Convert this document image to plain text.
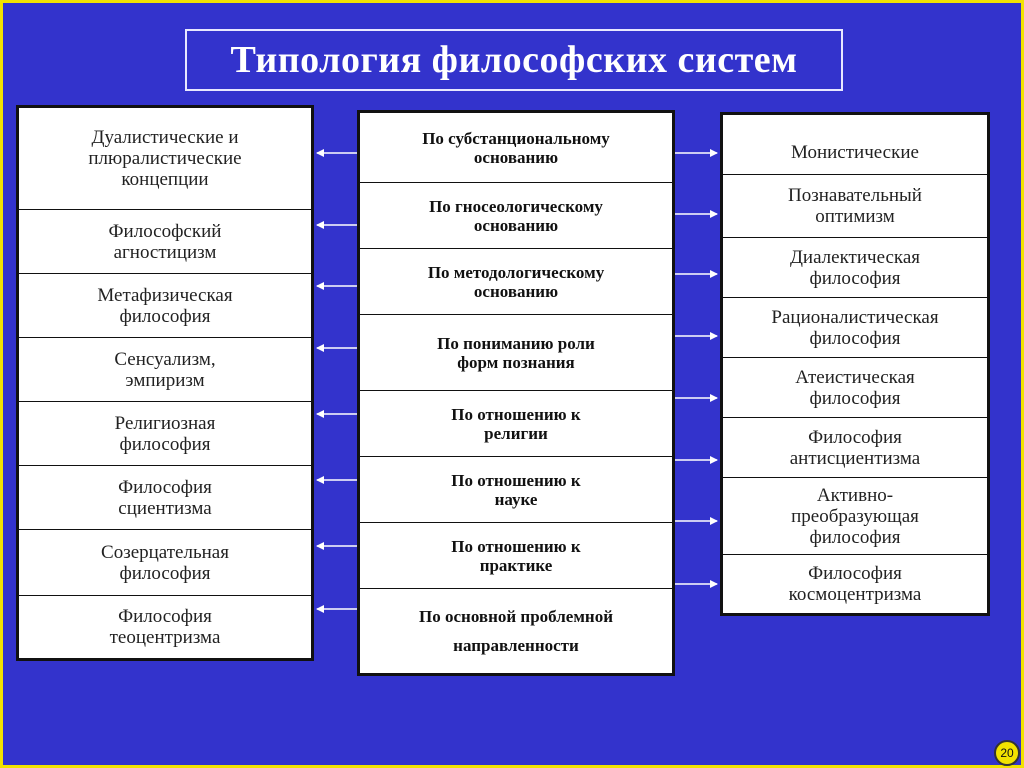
Типология философских систем
Дуалистические и плюралистические концепции
Философский агностицизм
Метафизическая философия
Сенсуализм, эмпиризм
Религиозная философия
Философия сциентизма
Созерцательная философия
Философия теоцентризма
По субстанциональному основанию
По гносеологическому основанию
По методологическому основанию
По пониманию роли форм познания
По отношению к религии
По отношению к науке
По отношению к практике
По основной проблемной направленности
Монистические
Познавательный оптимизм
Диалектическая философия
Рационалистическая философия
Атеистическая философия
Философия антисциентизма
Активно-преобразующая философия
Философия космоцентризма
20
